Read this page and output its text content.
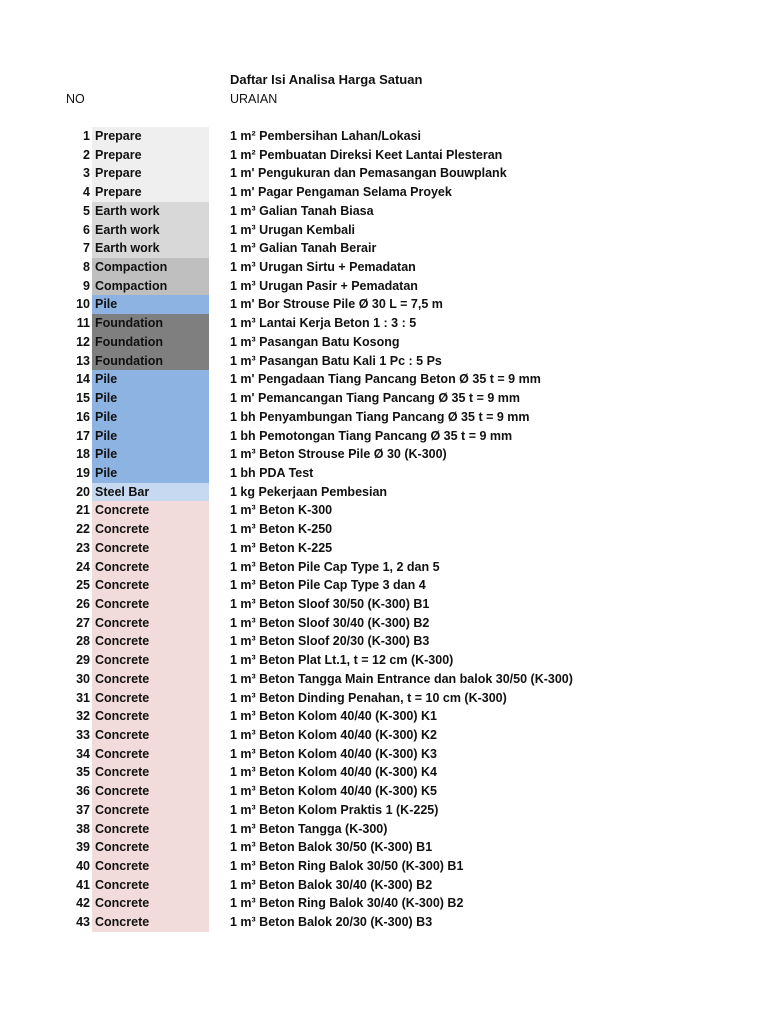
Daftar Isi Analisa Harga Satuan
NO	URAIAN
1 Prepare	1 m² Pembersihan Lahan/Lokasi
2 Prepare	1 m² Pembuatan Direksi Keet Lantai Plesteran
3 Prepare	1 m' Pengukuran dan Pemasangan Bouwplank
4 Prepare	1 m' Pagar Pengaman Selama Proyek
5 Earth work	1 m³ Galian Tanah Biasa
6 Earth work	1 m³ Urugan Kembali
7 Earth work	1 m³ Galian Tanah Berair
8 Compaction	1 m³ Urugan Sirtu + Pemadatan
9 Compaction	1 m³ Urugan Pasir + Pemadatan
10 Pile	1 m' Bor Strouse Pile Ø 30 L = 7,5 m
11 Foundation	1 m³ Lantai Kerja Beton 1 : 3 : 5
12 Foundation	1 m³ Pasangan Batu Kosong
13 Foundation	1 m³ Pasangan Batu Kali 1 Pc : 5 Ps
14 Pile	1 m' Pengadaan Tiang Pancang Beton Ø 35 t = 9 mm
15 Pile	1 m' Pemancangan Tiang Pancang Ø 35 t = 9 mm
16 Pile	1 bh Penyambungan Tiang Pancang Ø 35 t = 9 mm
17 Pile	1 bh Pemotongan Tiang Pancang Ø 35 t = 9 mm
18 Pile	1 m³ Beton Strouse Pile Ø 30 (K-300)
19 Pile	1 bh PDA Test
20 Steel Bar	1 kg Pekerjaan Pembesian
21 Concrete	1 m³ Beton K-300
22 Concrete	1 m³ Beton K-250
23 Concrete	1 m³ Beton K-225
24 Concrete	1 m³ Beton Pile Cap Type 1, 2 dan 5
25 Concrete	1 m³ Beton Pile Cap Type 3 dan 4
26 Concrete	1 m³ Beton Sloof 30/50 (K-300) B1
27 Concrete	1 m³ Beton Sloof 30/40 (K-300) B2
28 Concrete	1 m³ Beton Sloof 20/30 (K-300) B3
29 Concrete	1 m³ Beton Plat Lt.1, t = 12 cm (K-300)
30 Concrete	1 m³ Beton Tangga Main Entrance dan balok 30/50 (K-300)
31 Concrete	1 m³ Beton Dinding Penahan, t = 10 cm (K-300)
32 Concrete	1 m³ Beton Kolom 40/40 (K-300) K1
33 Concrete	1 m³ Beton Kolom 40/40 (K-300) K2
34 Concrete	1 m³ Beton Kolom 40/40 (K-300) K3
35 Concrete	1 m³ Beton Kolom 40/40 (K-300) K4
36 Concrete	1 m³ Beton Kolom 40/40 (K-300) K5
37 Concrete	1 m³ Beton Kolom Praktis 1 (K-225)
38 Concrete	1 m³ Beton Tangga (K-300)
39 Concrete	1 m³ Beton Balok 30/50 (K-300) B1
40 Concrete	1 m³ Beton Ring Balok 30/50 (K-300) B1
41 Concrete	1 m³ Beton Balok 30/40 (K-300) B2
42 Concrete	1 m³ Beton Ring Balok 30/40 (K-300) B2
43 Concrete	1 m³ Beton Balok 20/30 (K-300) B3
